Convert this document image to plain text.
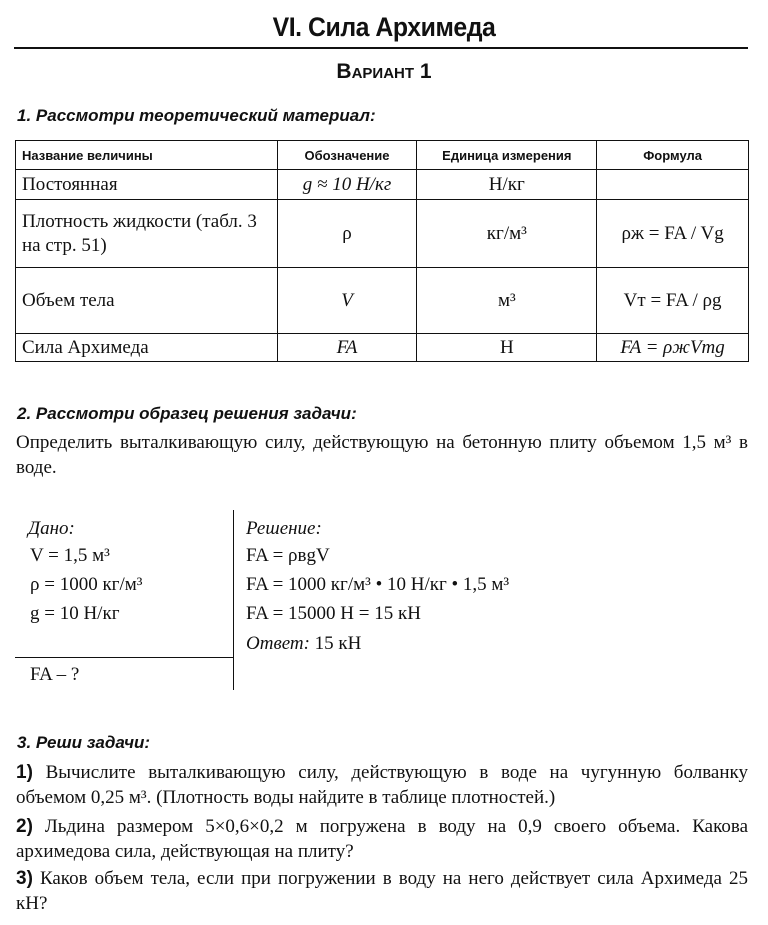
VI. Сила Архимеда
Вариант 1
1. Рассмотри теоретический материал:
Название величины	Обозначение	Единица измерения	Формула
Постоянная	g ≈ 10 Н/кг	Н/кг	
Плотность жидкости (табл. 3 на стр. 51)	ρ	кг/м³	ρж = FA / Vg
Объем тела	V	м³	Vт = FA / ρg
Сила Архимеда	FA	Н	FA = ρжVтg
2. Рассмотри образец решения задачи:
Определить выталкивающую силу, действующую на бетонную плиту объемом 1,5 м³ в воде.
Дано:
V = 1,5 м³
ρ = 1000 кг/м³
g = 10 Н/кг
FA – ?
Решение:
FA = ρвgV
FA = 1000 кг/м³ • 10 Н/кг • 1,5 м³
FA = 15000 Н = 15 кН
Ответ: 15 кН
3. Реши задачи:
1) Вычислите выталкивающую силу, действующую в воде на чугунную болванку объемом 0,25 м³. (Плотность воды найдите в таблице плотностей.)
2) Льдина размером 5×0,6×0,2 м погружена в воду на 0,9 своего объема. Какова архимедова сила, действующая на плиту?
3) Каков объем тела, если при погружении в воду на него действует сила Архимеда 25 кН?
